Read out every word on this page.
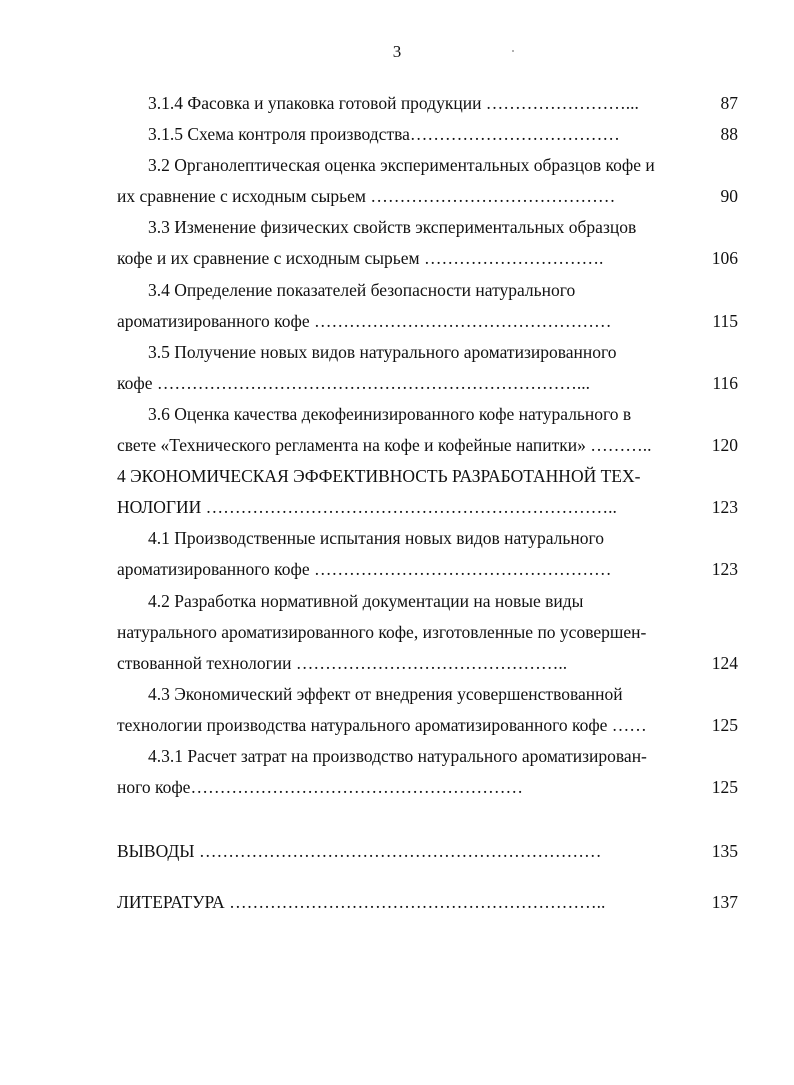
3
3.1.4 Фасовка и упаковка готовой продукции ……………………...	87
3.1.5 Схема контроля производства………………………………	88
3.2 Органолептическая оценка экспериментальных образцов кофе и
их сравнение с исходным сырьем ……………………………………	90
3.3 Изменение физических свойств экспериментальных образцов
кофе и их сравнение с исходным сырьем ………………………….	106
3.4 Определение показателей безопасности натурального
ароматизированного кофе ……………………………………………	115
3.5 Получение новых видов натурального ароматизированного
кофе ………………………………………………………………...	116
3.6 Оценка качества декофеинизированного кофе натурального в
свете «Технического регламента на кофе и кофейные напитки» ………..	120
4 ЭКОНОМИЧЕСКАЯ ЭФФЕКТИВНОСТЬ РАЗРАБОТАННОЙ ТЕХ-
НОЛОГИИ ……………………………………………………………..	123
4.1 Производственные испытания новых видов натурального
ароматизированного кофе ……………………………………………	123
4.2 Разработка нормативной документации на новые виды
натурального ароматизированного кофе, изготовленные по усовершен-
ствованной технологии ………………………………………..	124
4.3 Экономический эффект от внедрения усовершенствованной
технологии производства натурального ароматизированного кофе ……	125
4.3.1 Расчет затрат на производство натурального ароматизирован-
ного кофе…………………………………………………	125
ВЫВОДЫ ……………………………………………………………	135
ЛИТЕРАТУРА ………………………………………………………..	137
